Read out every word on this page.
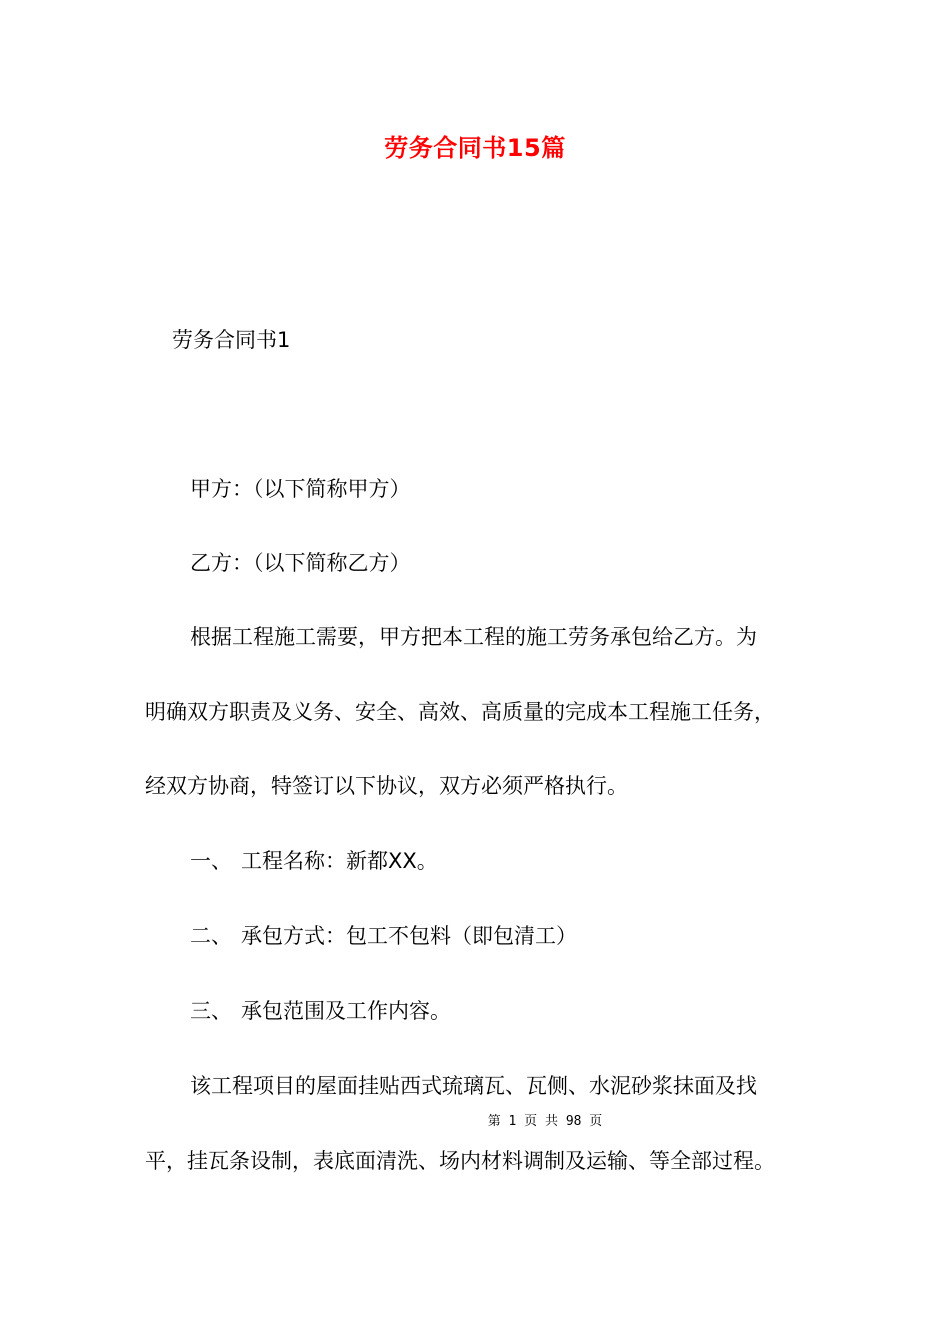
劳务合同书15篇
劳务合同书1
甲方：（以下简称甲方）
乙方：（以下简称乙方）
根据工程施工需要，甲方把本工程的施工劳务承包给乙方。为
明确双方职责及义务、安全、高效、高质量的完成本工程施工任务，
经双方协商，特签订以下协议，双方必须严格执行。
一、 工程名称：新都XX。
二、 承包方式：包工不包料（即包清工）
三、 承包范围及工作内容。
该工程项目的屋面挂贴西式琉璃瓦、瓦侧、水泥砂浆抹面及找
第 1 页 共 98 页
平，挂瓦条设制，表底面清洗、场内材料调制及运输、等全部过程。
